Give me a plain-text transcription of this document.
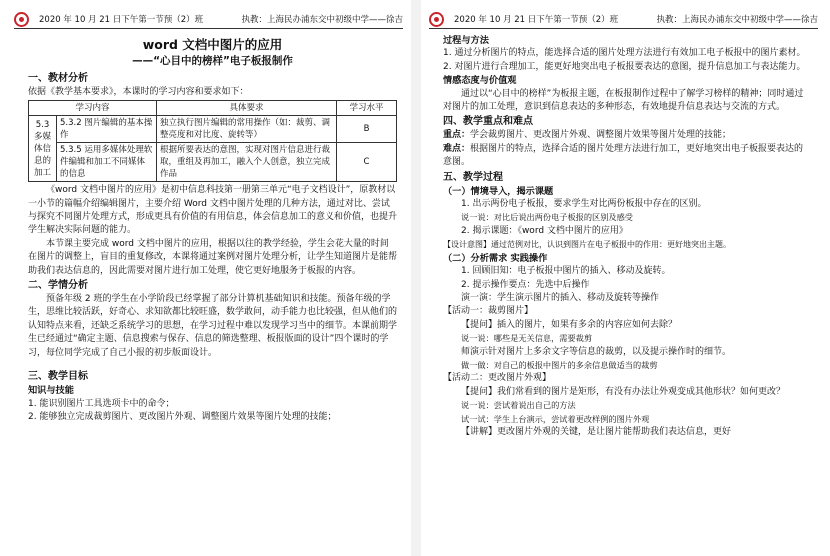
2020 年 10 月 21 日下午第一节预（2）班	执教：上海民办浦东交中初级中学——徐吉
word 文档中图片的应用
——“心目中的榜样”电子板报制作
一、教材分析

依据《教学基本要求》，本课时的学习内容和要求如下：

学习内容		具体要求	学习水平
5.3 多媒体信息的加工	5.3.2 图片编辑的基本操作	独立执行图片编辑的常用操作（如：裁剪、调整亮度和对比度、旋转等）	B
	5.3.5 运用多媒体处理软件编辑和加工不同媒体的信息	根据所要表达的意图，实现对图片信息进行裁取，重组及再加工，融入个人创意，独立完成作品	C

《word 文档中图片的应用》是初中信息科技第一册第三单元“电子文档设计”，原教材以一小节的篇幅介绍编辑图片，主要介绍 Word 文档中图片处理的几种方法，通过对比、尝试与探究不同图片处理方式，形成更具有价值的有用信息，体会信息加工的意义和价值，也提升学生解决实际问题的能力。

本节课主要完成 word 文档中图片的应用，根据以往的教学经验，学生会花大量的时间在图片的调整上，盲目的重复修改，本课将通过案例对图片处理分析，让学生知道图片是能帮助我们表达信息的，因此需要对图片进行加工处理，使它更好地服务于板报的内容。

二、学情分析

预备年级 2 班的学生在小学阶段已经掌握了部分计算机基础知识和技能。预备年级的学生，思维比较活跃，好奇心、求知欲都比较旺盛，数学敢问，动手能力也比较强，但从他们的认知特点来看，还缺乏系统学习的思想，在学习过程中难以发现学习当中的细节。本课前期学生已经通过“确定主题、信息搜索与保存、信息的筛选整理、板报版面的设计”四个课时的学习，每位同学完成了自己小报的初步版面设计。

三、教学目标
知识与技能

1. 能识别图片工具选项卡中的命令；

2. 能够独立完成裁剪图片、更改图片外观、调整图片效果等图片处理的技能；

2020 年 10 月 21 日下午第一节预（2）班	执教：上海民办浦东交中初级中学——徐吉
过程与方法

1. 通过分析图片的特点，能选择合适的图片处理方法进行有效加工电子板报中的图片素材。

2. 对图片进行合理加工，能更好地突出电子板报要表达的意图，提升信息加工与表达能力。

情感态度与价值观

通过以“心目中的榜样”为板报主题，在板报制作过程中了解学习榜样的精神；同时通过对图片的加工处理，意识到信息表达的多种形态，有效地提升信息表达与交流的方式。

四、教学重点和难点

重点：学会裁剪图片、更改图片外观、调整图片效果等图片处理的技能；

难点：根据图片的特点，选择合适的图片处理方法进行加工，更好地突出电子板报要表达的意图。

五、教学过程
（一）情境导入，揭示课题

1. 出示两份电子板报，要求学生对比两份板报中存在的区别。

说一说：对比后说出两份电子板报的区别及感受

2. 揭示课题：《word 文档中图片的应用》

【设计意图】通过范例对比，认识到图片在电子板报中的作用：更好地突出主题。

（二）分析需求 实践操作

1. 回顾旧知：电子板报中图片的插入、移动及旋转。

2. 提示操作要点：先选中后操作

演一演：学生演示图片的插入、移动及旋转等操作

【活动一：裁剪图片】

【提问】插入的图片，如果有多余的内容应如何去除？

说一说：哪些是无关信息，需要裁剪

师演示针对图片上多余文字等信息的裁剪，以及提示操作时的细节。

做一做：对自己的板报中图片的多余信息做适当的裁剪

【活动二：更改图片外观】

【提问】我们常看到的图片是矩形，有没有办法让外观变成其他形状？如何更改？

说一说：尝试着说出自己的方法

试一试：学生上台演示，尝试着更改样例的图片外观

【讲解】更改图片外观的关键，是让图片能帮助我们表达信息，更好
